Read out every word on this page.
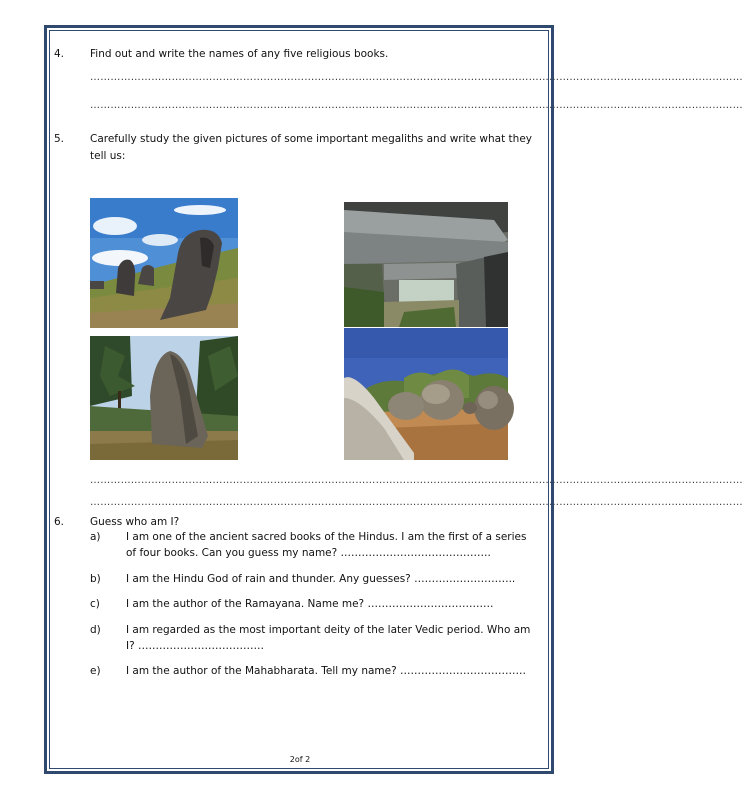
4. Find out and write the names of any five religious books.
…………………………………………………………………………………………………………………………………………………………………………
…………………………………………………………………………………………………………………………………………………………………………
5. Carefully study the given pictures of some important megaliths and write what they
tell us:
…………………………………………………………………………………………………………………………………………………………………………
…………………………………………………………………………………………………………………………………………………………………………
6. Guess who am I?
a) I am one of the ancient sacred books of the Hindus. I am the first of a series
of four books. Can you guess my name? …………………………………….
b) I am the Hindu God of rain and thunder. Any guesses? ………………………..
c) I am the author of the Ramayana. Name me? ………………………………
d) I am regarded as the most important deity of the later Vedic period. Who am
I? ………………………………
e) I am the author of the Mahabharata. Tell my name? ………………………………
2of 2
